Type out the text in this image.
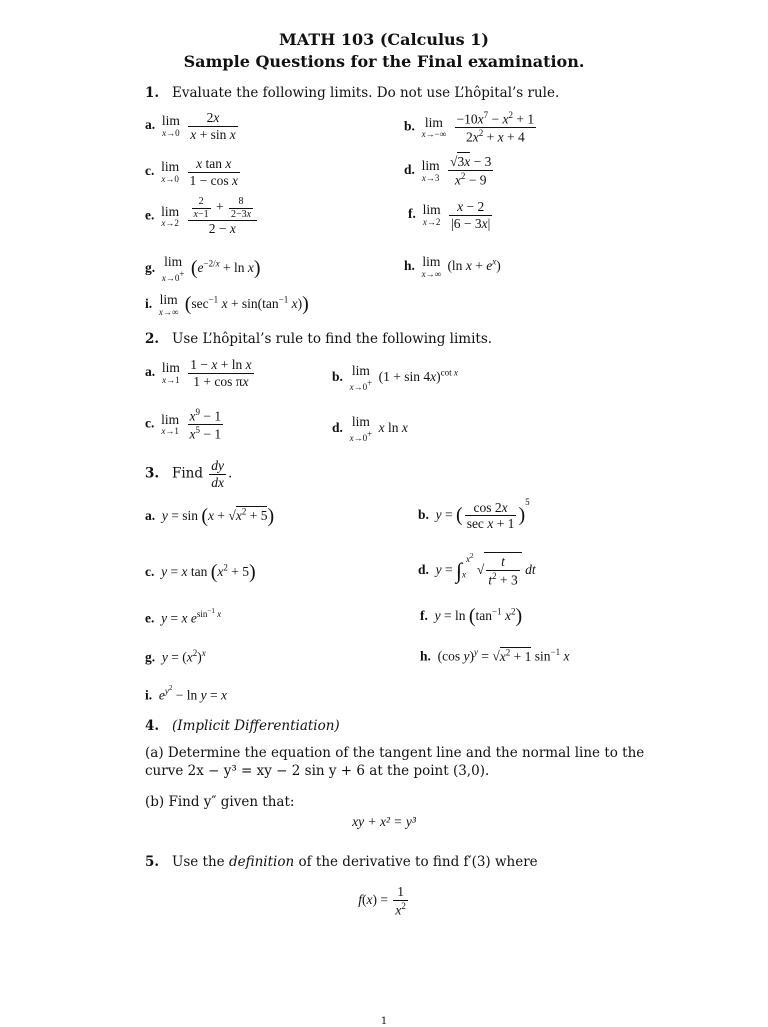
MATH 103 (Calculus 1)
Sample Questions for the Final examination.
1. Evaluate the following limits. Do not use L’hôpital’s rule.
a. lim
x→0
$\frac{2x}{\text{x + sin x}}$	b. lim
x→−∞
$\frac{-10x^7 - x^2 + 1}{2x^2 + x + 4}$
c. lim
x→0
$\frac{\text{x tan x}}{\text{1 − cos x}}$	d. lim
x→3
$\frac{√3x - 3}{x^2 - 9}$
e. lim
x→2
$\frac{\frac{2}{x-1} + \frac{8}{2-3x}}{2 - x}$	f. lim
x→2
$\frac{x - 2}{|6 - 3x|}$
g. lim
x→0+ $(e^{-2/x} + \ln x)$	h. lim
x→∞
(ln $x + e^x$)
i. lim
x→∞ ($\sec^{-1}$ $x + \sin(\tan^{-1}$ x))
2. Use L’hôpital’s rule to find the following limits.
a. lim
x→1
$\frac{\text{1 − x + ln x}}{\text{1 + cos πx}}$	b. lim
x→0+ $(1 + \sin 4x)^{cot x}$
c. lim
x→1
$\frac{x^9 - 1}{x^5 - 1}$	d. lim
x→0+ x ln x
3. Find $\frac{dy}{dx}$ .
a. $y = \sin (x + √x^2 + 5)$	b. y = ( $\frac{\cos 2x}{\text{sec x + 1}} )^5$
c. y = x $\tan (x^2 + 5)$	d. $y = \int_x^{x^2}$ √ $\frac{t}{t^2 + 3}$ dt
e. y = x $e^{sin^{-1} x}$	f. $y = \ln (\tan^{-1}$ $x^2$)
g. $y = (x^2)^x$	h.  (cos $y)^y = √x^2 + 1$ $\sin^{-1} x$
i. $e^{y^2} - \ln y = x$
4. (Implicit Differentiation)
(a) Determine the equation of the tangent line and the normal line to the
curve 2x − y³ = xy − 2 sin y + 6 at the point (3,0).
(b) Find y″ given that:
xy + x² = y³
5. Use the definition of the derivative to find f′(3) where
$f(x) = \frac{1}{x^2}$
1
